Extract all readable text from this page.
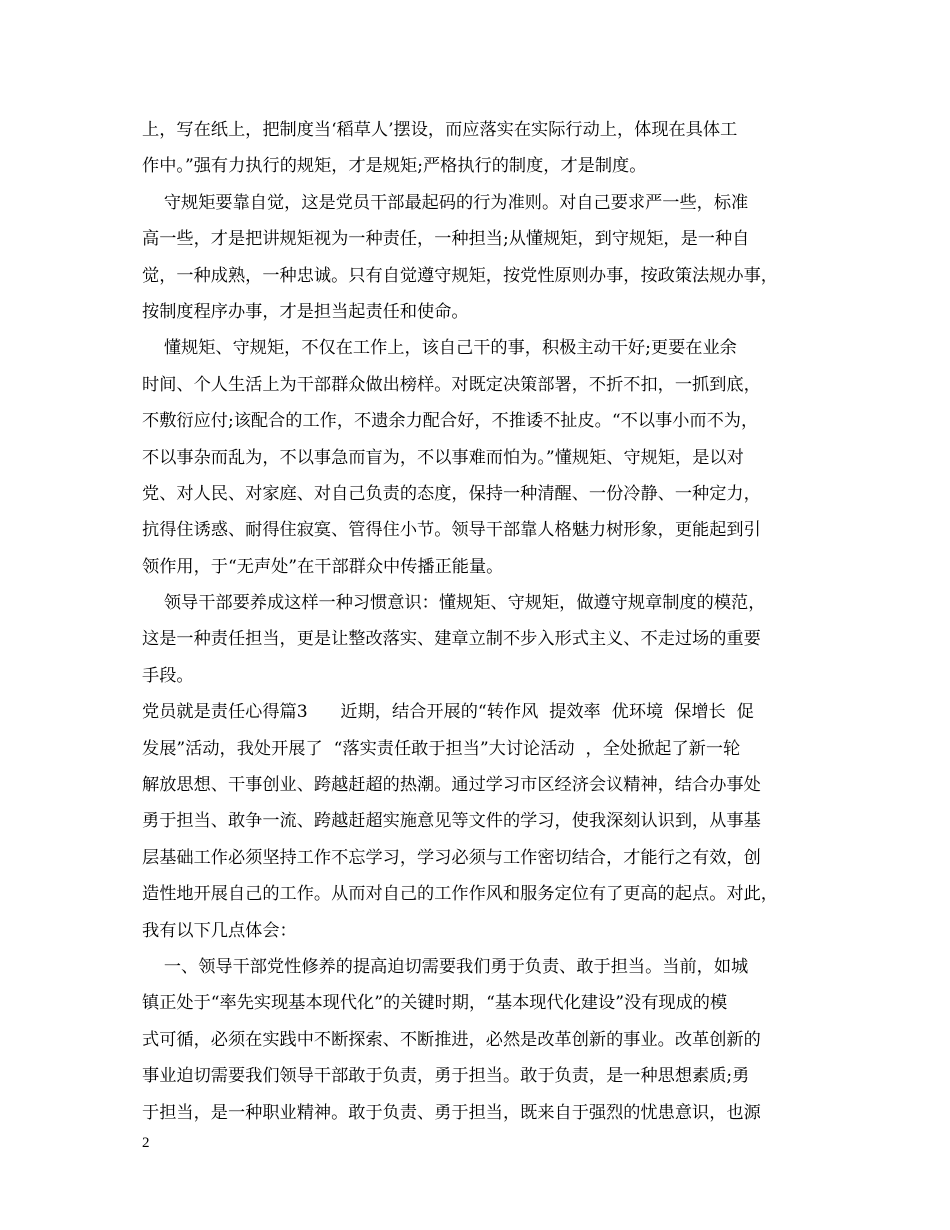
上，写在纸上，把制度当‘稻草人’摆设，而应落实在实际行动上，体现在具体工
作中。”强有力执行的规矩，才是规矩;严格执行的制度，才是制度。
守规矩要靠自觉，这是党员干部最起码的行为准则。对自己要求严一些，标准
高一些，才是把讲规矩视为一种责任，一种担当;从懂规矩，到守规矩，是一种自
觉，一种成熟，一种忠诚。只有自觉遵守规矩，按党性原则办事，按政策法规办事，
按制度程序办事，才是担当起责任和使命。
懂规矩、守规矩，不仅在工作上，该自己干的事，积极主动干好;更要在业余
时间、个人生活上为干部群众做出榜样。对既定决策部署，不折不扣，一抓到底，
不敷衍应付;该配合的工作，不遗余力配合好，不推诿不扯皮。“不以事小而不为，
不以事杂而乱为，不以事急而盲为，不以事难而怕为。”懂规矩、守规矩，是以对
党、对人民、对家庭、对自己负责的态度，保持一种清醒、一份冷静、一种定力，
抗得住诱惑、耐得住寂寞、管得住小节。领导干部靠人格魅力树形象，更能起到引
领作用，于“无声处”在干部群众中传播正能量。
领导干部要养成这样一种习惯意识：懂规矩、守规矩，做遵守规章制度的模范，
这是一种责任担当，更是让整改落实、建章立制不步入形式主义、不走过场的重要
手段。
党员就是责任心得篇3      近期，结合开展的“转作风  提效率  优环境  保增长  促
发展”活动，我处开展了  “落实责任敢于担当”大讨论活动  ，全处掀起了新一轮
解放思想、干事创业、跨越赶超的热潮。通过学习市区经济会议精神，结合办事处
勇于担当、敢争一流、跨越赶超实施意见等文件的学习，使我深刻认识到，从事基
层基础工作必须坚持工作不忘学习，学习必须与工作密切结合，才能行之有效，创
造性地开展自己的工作。从而对自己的工作作风和服务定位有了更高的起点。对此，
我有以下几点体会：
一、领导干部党性修养的提高迫切需要我们勇于负责、敢于担当。当前，如城
镇正处于“率先实现基本现代化”的关键时期，“基本现代化建设”没有现成的模
式可循，必须在实践中不断探索、不断推进，必然是改革创新的事业。改革创新的
事业迫切需要我们领导干部敢于负责，勇于担当。敢于负责，是一种思想素质;勇
于担当，是一种职业精神。敢于负责、勇于担当，既来自于强烈的忧患意识，也源
2
